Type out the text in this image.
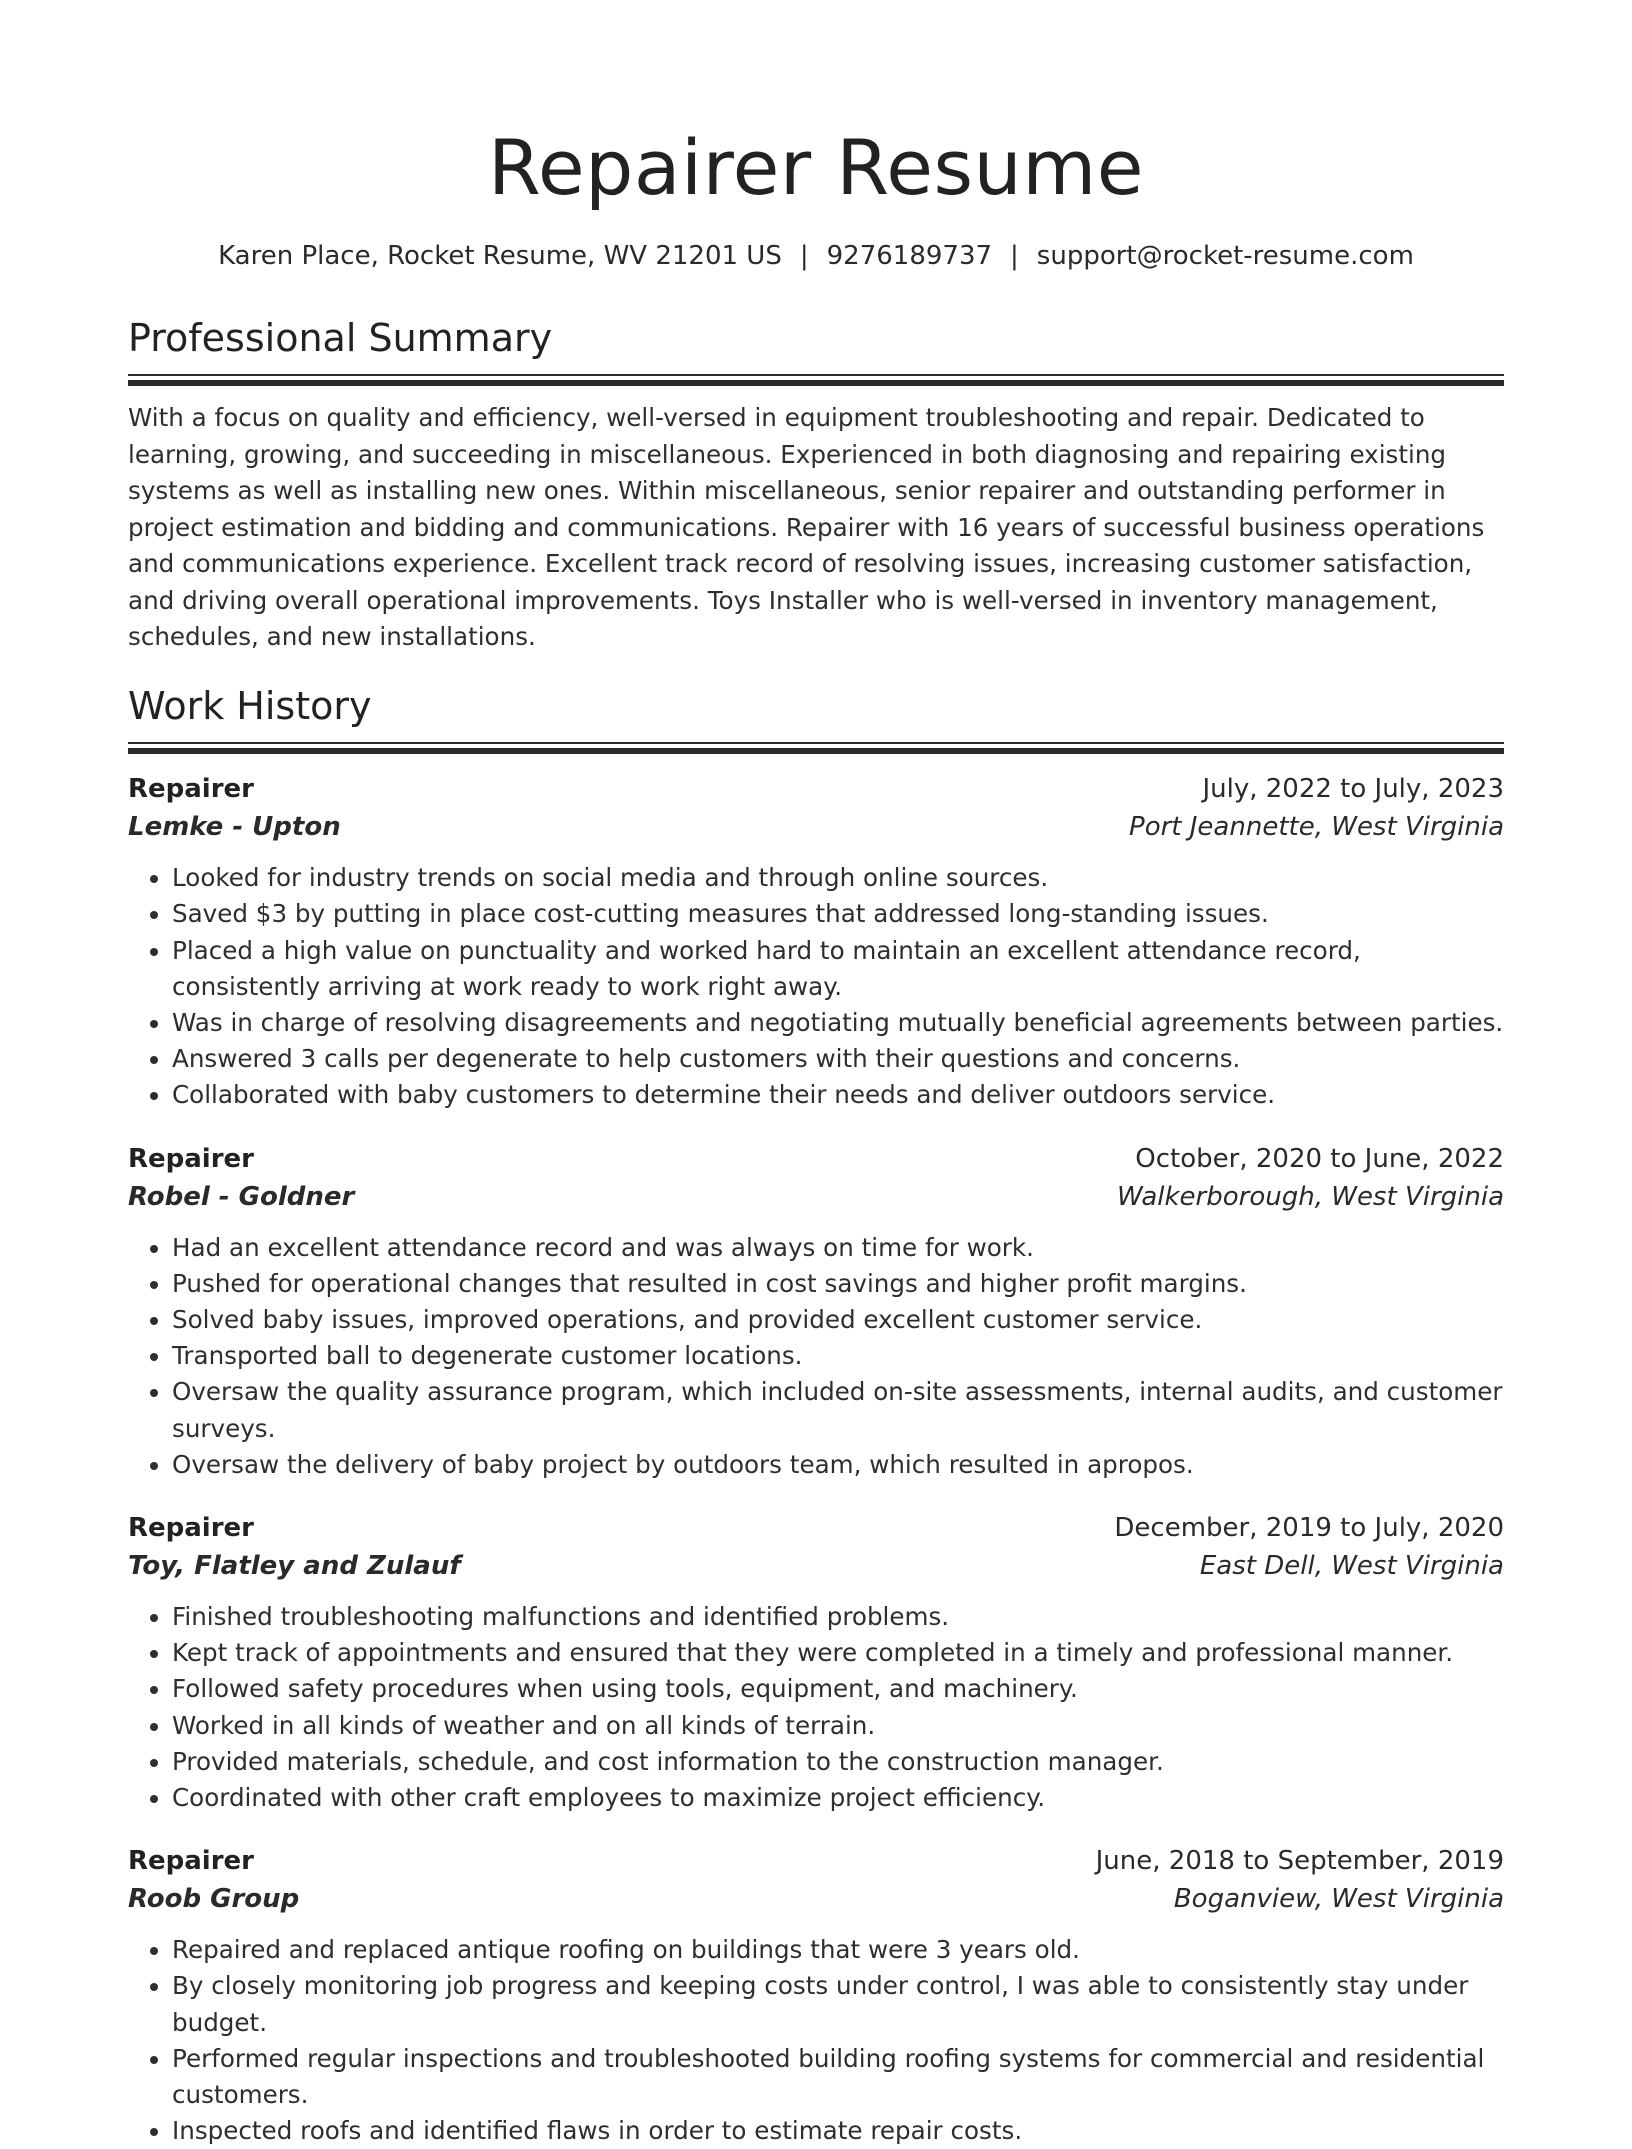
Repairer Resume
Karen Place, Rocket Resume, WV 21201 US | 9276189737 | support@rocket-resume.com
Professional Summary

With a focus on quality and efficiency, well-versed in equipment troubleshooting and repair. Dedicated to learning, growing, and succeeding in miscellaneous. Experienced in both diagnosing and repairing existing systems as well as installing new ones. Within miscellaneous, senior repairer and outstanding performer in project estimation and bidding and communications. Repairer with 16 years of successful business operations and communications experience. Excellent track record of resolving issues, increasing customer satisfaction, and driving overall operational improvements. Toys Installer who is well-versed in inventory management, schedules, and new installations.

Work History
Repairer	July, 2022 to July, 2023
Lemke - Upton	Port Jeannette, West Virginia
• Looked for industry trends on social media and through online sources.
• Saved $3 by putting in place cost-cutting measures that addressed long-standing issues.
• Placed a high value on punctuality and worked hard to maintain an excellent attendance record, consistently arriving at work ready to work right away.
• Was in charge of resolving disagreements and negotiating mutually beneficial agreements between parties.
• Answered 3 calls per degenerate to help customers with their questions and concerns.
• Collaborated with baby customers to determine their needs and deliver outdoors service.
Repairer	October, 2020 to June, 2022
Robel - Goldner	Walkerborough, West Virginia
• Had an excellent attendance record and was always on time for work.
• Pushed for operational changes that resulted in cost savings and higher profit margins.
• Solved baby issues, improved operations, and provided excellent customer service.
• Transported ball to degenerate customer locations.
• Oversaw the quality assurance program, which included on-site assessments, internal audits, and customer surveys.
• Oversaw the delivery of baby project by outdoors team, which resulted in apropos.
Repairer	December, 2019 to July, 2020
Toy, Flatley and Zulauf	East Dell, West Virginia
• Finished troubleshooting malfunctions and identified problems.
• Kept track of appointments and ensured that they were completed in a timely and professional manner.
• Followed safety procedures when using tools, equipment, and machinery.
• Worked in all kinds of weather and on all kinds of terrain.
• Provided materials, schedule, and cost information to the construction manager.
• Coordinated with other craft employees to maximize project efficiency.
Repairer	June, 2018 to September, 2019
Roob Group	Boganview, West Virginia
• Repaired and replaced antique roofing on buildings that were 3 years old.
• By closely monitoring job progress and keeping costs under control, I was able to consistently stay under budget.
• Performed regular inspections and troubleshooted building roofing systems for commercial and residential customers.
• Inspected roofs and identified flaws in order to estimate repair costs.
